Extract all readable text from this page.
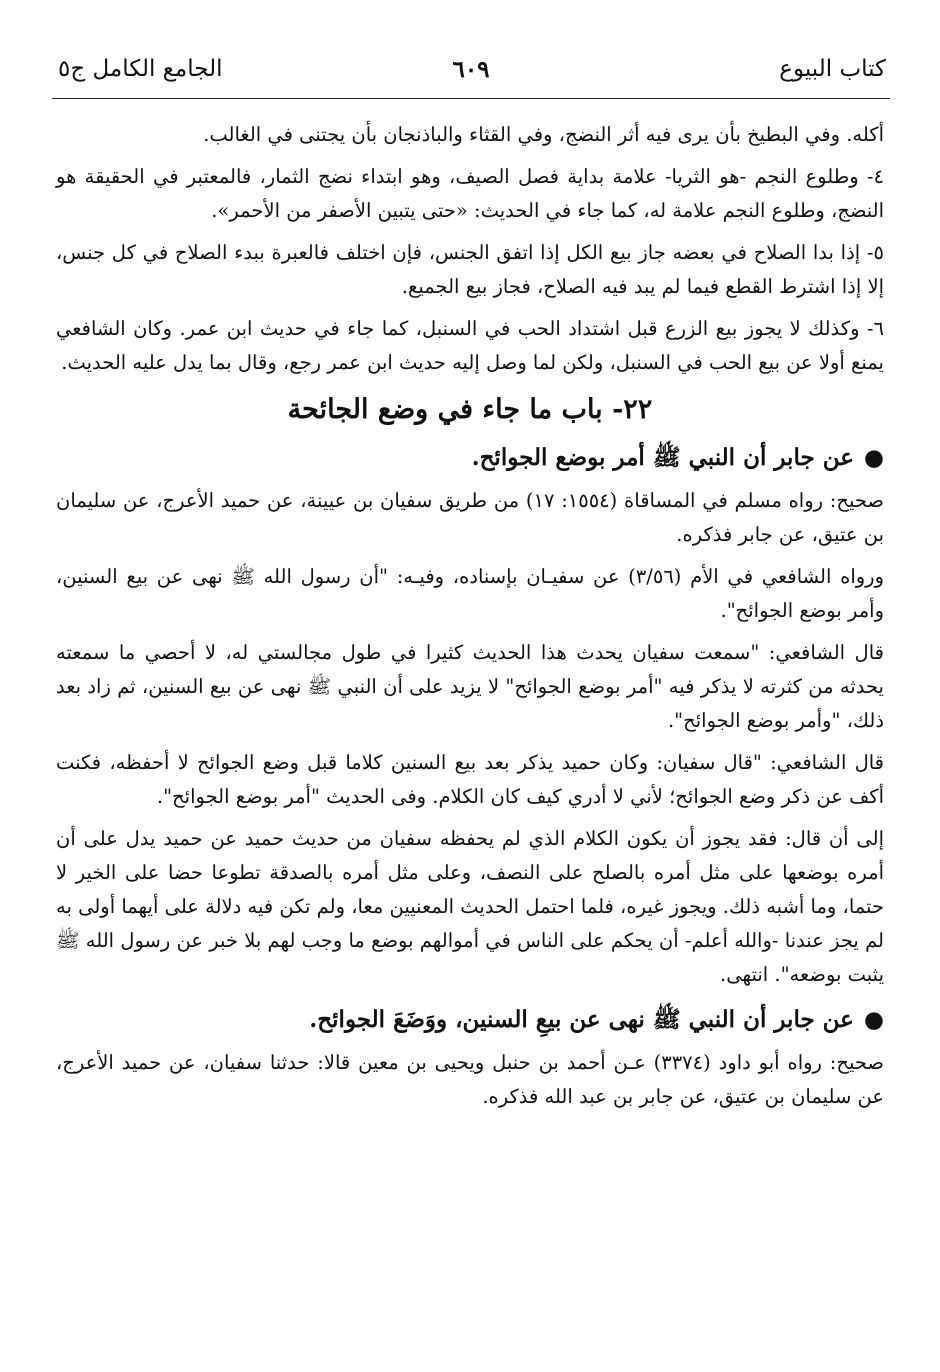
الجامع الكامل ج٥	٦٠٩	كتاب البيوع

أكله. وفي البطيخ بأن يرى فيه أثر النضج، وفي القثاء والباذنجان بأن يجتنى في الغالب.

٤- وطلوع النجم -هو الثريا- علامة بداية فصل الصيف، وهو ابتداء نضج الثمار، فالمعتبر في الحقيقة هو النضج، وطلوع النجم علامة له، كما جاء في الحديث: «حتى يتبين الأصفر من الأحمر».

٥- إذا بدا الصلاح في بعضه جاز بيع الكل إذا اتفق الجنس، فإن اختلف فالعبرة ببدء الصلاح في كل جنس، إلا إذا اشترط القطع فيما لم يبد فيه الصلاح، فجاز بيع الجميع.

٦- وكذلك لا يجوز بيع الزرع قبل اشتداد الحب في السنبل، كما جاء في حديث ابن عمر. وكان الشافعي يمنع أولا عن بيع الحب في السنبل، ولكن لما وصل إليه حديث ابن عمر رجع، وقال بما يدل عليه الحديث.

٢٢- باب ما جاء في وضع الجائحة
●عن جابر أن النبي ﷺ أمر بوضع الجوائح.

صحيح: رواه مسلم في المساقاة (١٥٥٤: ١٧) من طريق سفيان بن عيينة، عن حميد الأعرج، عن سليمان بن عتيق، عن جابر فذكره.

ورواه الشافعي في الأم (٣/٥٦) عن سفيـان بإسناده، وفيـه: "أن رسول الله ﷺ نهى عن بيع السنين، وأمر بوضع الجوائح".

قال الشافعي: "سمعت سفيان يحدث هذا الحديث كثيرا في طول مجالستي له، لا أحصي ما سمعته يحدثه من كثرته لا يذكر فيه "أمر بوضع الجوائح" لا يزيد على أن النبي ﷺ نهى عن بيع السنين، ثم زاد بعد ذلك، "وأمر بوضع الجوائح".

قال الشافعي: "قال سفيان: وكان حميد يذكر بعد بيع السنين كلاما قبل وضع الجوائح لا أحفظه، فكنت أكف عن ذكر وضع الجوائح؛ لأني لا أدري كيف كان الكلام. وفى الحديث "أمر بوضع الجوائح".

إلى أن قال: فقد يجوز أن يكون الكلام الذي لم يحفظه سفيان من حديث حميد عن حميد يدل على أن أمره بوضعها على مثل أمره بالصلح على النصف، وعلى مثل أمره بالصدقة تطوعا حضا على الخير لا حتما، وما أشبه ذلك. ويجوز غيره، فلما احتمل الحديث المعنيين معا، ولم تكن فيه دلالة على أيهما أولى به لم يجز عندنا -والله أعلم- أن يحكم على الناس في أموالهم بوضع ما وجب لهم بلا خبر عن رسول الله ﷺ يثبت بوضعه". انتهى.

●عن جابر أن النبي ﷺ نهى عن بيعِ السنين، ووَضَعَ الجوائح.

صحيح: رواه أبو داود (٣٣٧٤) عـن أحمد بن حنبل ويحيى بن معين قالا: حدثنا سفيان، عن حميد الأعرج، عن سليمان بن عتيق، عن جابر بن عبد الله فذكره.
